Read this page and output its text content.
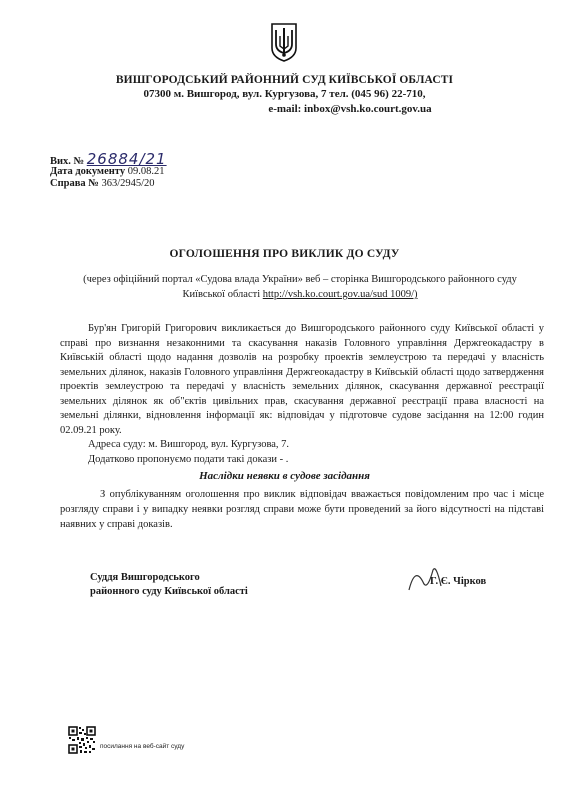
ВИШГОРОДСЬКИЙ РАЙОННИЙ СУД КИЇВСЬКОЇ ОБЛАСТІ
07300 м. Вишгород, вул. Кургузова, 7 тел. (045 96) 22-710,
e-mail: inbox@vsh.ko.court.gov.ua
Вих. № 26884/21
Дата документу 09.08.21
Справа № 363/2945/20
ОГОЛОШЕННЯ ПРО ВИКЛИК ДО СУДУ
(через офіційний портал «Судова влада України» веб – сторінка Вишгородського районного суду Київської області http://vsh.ko.court.gov.ua/sud 1009/)

Бур'ян Григорій Григорович викликається до Вишгородського районного суду Київської області у справі про визнання незаконними та скасування наказів Головного управління Держгеокадастру в Київській області щодо надання дозволів на розробку проектів землеустрою та передачі у власність земельних ділянок, наказів Головного управління Держгеокадастру в Київській області щодо затвердження проектів землеустрою та передачі у власність земельних ділянок, скасування державної реєстрації земельних ділянок як об"єктів цивільних прав, скасування державної реєстрації права власності на земельні ділянки, відновлення інформації як: відповідач у підготовче судове засідання на 12:00 годин 02.09.21 року.

Адреса суду: м. Вишгород, вул. Кургузова, 7.

Додатково пропонуємо подати такі докази - .

Наслідки неявки в судове засідання

З опублікуванням оголошення про виклик відповідач вважається повідомленим про час і місце розгляду справи і у випадку неявки розгляд справи може бути проведений за його відсутності на підставі наявних у справі доказів.

Суддя Вишгородського
районного суду Київської області
Г. Є. Чірков
посилання на веб-сайт суду
